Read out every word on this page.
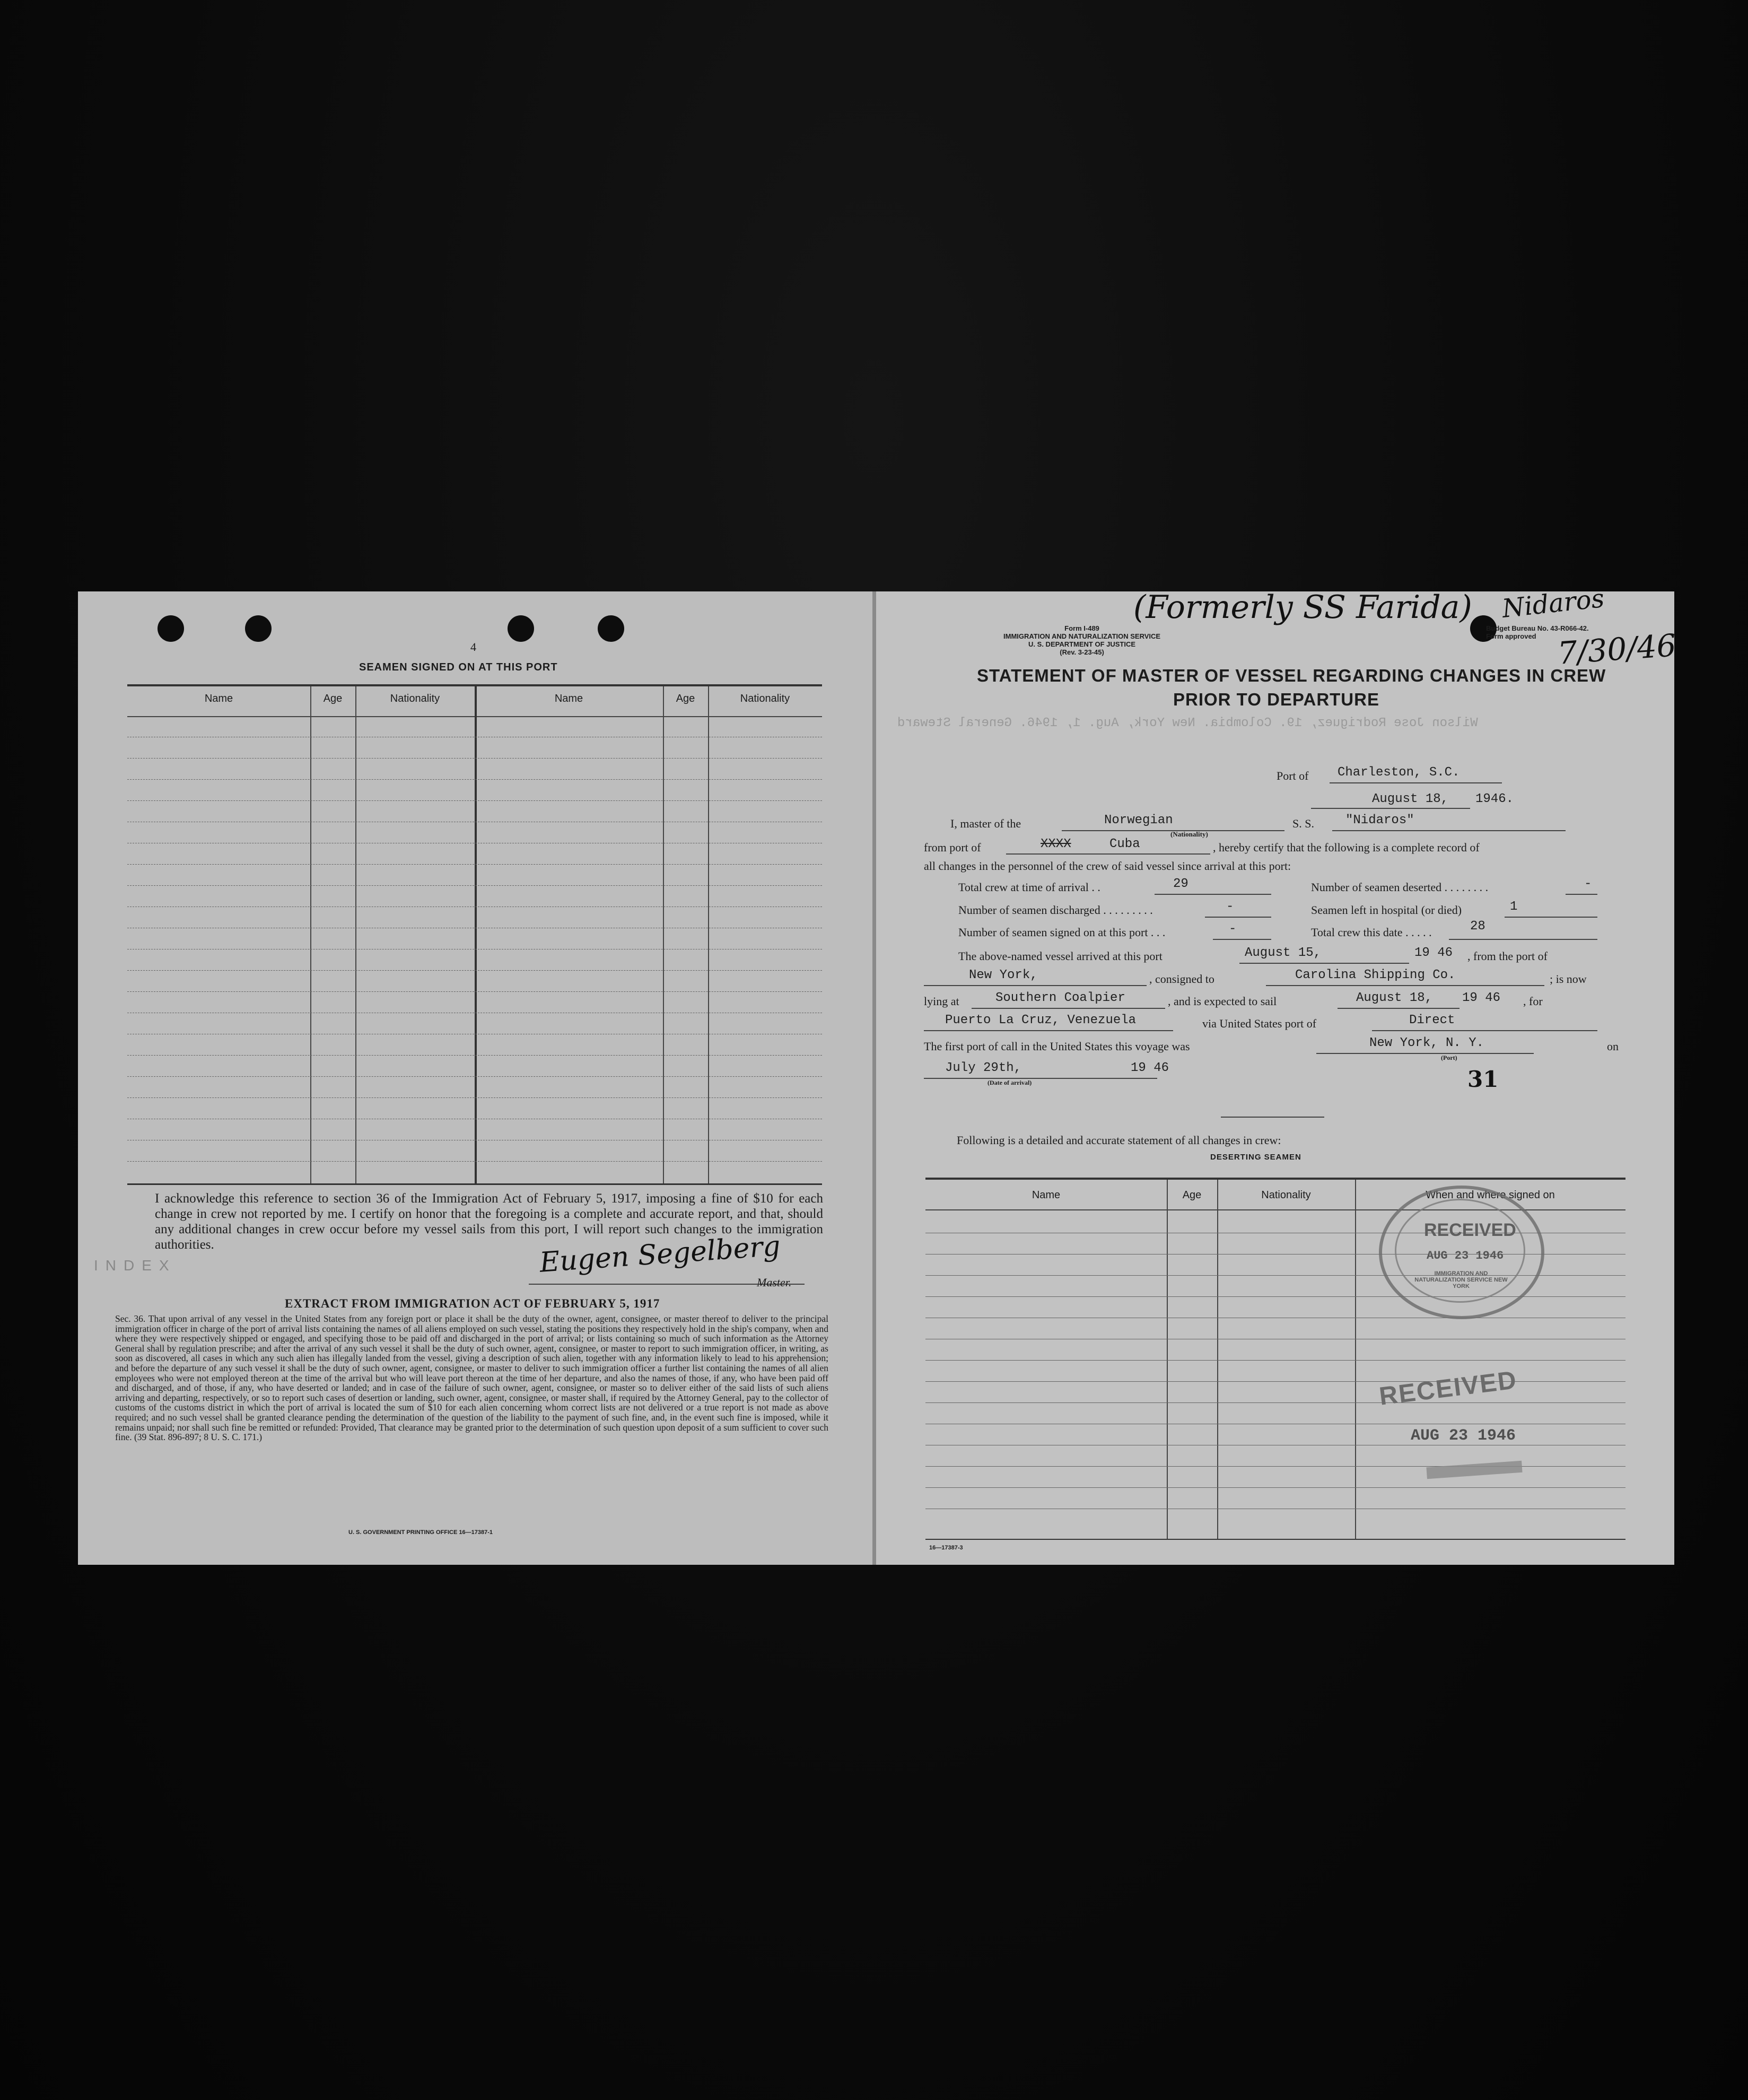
4
SEAMEN SIGNED ON AT THIS PORT
Name	Age	Nationality	Name	Age	Nationality
I acknowledge this reference to section 36 of the Immigration Act of February 5, 1917, imposing a fine of $10 for each change in crew not reported by me. I certify on honor that the foregoing is a complete and accurate report, and that, should any additional changes in crew occur before my vessel sails from this port, I will report such changes to the immigration authorities.
INDEX	Eugen Segelberg
Master.
EXTRACT FROM IMMIGRATION ACT OF FEBRUARY 5, 1917
Sec. 36. That upon arrival of any vessel in the United States from any foreign port or place it shall be the duty of the owner, agent, consignee, or master thereof to deliver to the principal immigration officer in charge of the port of arrival lists containing the names of all aliens employed on such vessel, stating the positions they respectively hold in the ship's company, when and where they were respectively shipped or engaged, and specifying those to be paid off and discharged in the port of arrival; or lists containing so much of such information as the Attorney General shall by regulation prescribe; and after the arrival of any such vessel it shall be the duty of such owner, agent, consignee, or master to report to such immigration officer, in writing, as soon as discovered, all cases in which any such alien has illegally landed from the vessel, giving a description of such alien, together with any information likely to lead to his apprehension; and before the departure of any such vessel it shall be the duty of such owner, agent, consignee, or master to deliver to such immigration officer a further list containing the names of all alien employees who were not employed thereon at the time of the arrival but who will leave port thereon at the time of her departure, and also the names of those, if any, who have been paid off and discharged, and of those, if any, who have deserted or landed; and in case of the failure of such owner, agent, consignee, or master so to deliver either of the said lists of such aliens arriving and departing, respectively, or so to report such cases of desertion or landing, such owner, agent, consignee, or master shall, if required by the Attorney General, pay to the collector of customs of the customs district in which the port of arrival is located the sum of $10 for each alien concerning whom correct lists are not delivered or a true report is not made as above required; and no such vessel shall be granted clearance pending the determination of the question of the liability to the payment of such fine, and, in the event such fine is imposed, while it remains unpaid; nor shall such fine be remitted or refunded: Provided, That clearance may be granted prior to the determination of such question upon deposit of a sum sufficient to cover such fine. (39 Stat. 896-897; 8 U. S. C. 171.)
U. S. GOVERNMENT PRINTING OFFICE 16—17387-1
Form I-489
IMMIGRATION AND NATURALIZATION SERVICE
U. S. DEPARTMENT OF JUSTICE
(Rev. 3-23-45)
(Formerly SS Farida) Nidaros
7/30/46
Budget Bureau No. 43-R066-42.
Form approved
STATEMENT OF MASTER OF VESSEL REGARDING CHANGES IN CREW
PRIOR TO DEPARTURE
Wilson Jose Rodriguez, 19. Colombia. New York, Aug. 1, 1946. General Steward
Port of Charleston, S.C.
August 18, 1946.
I, master of the	Norwegian
(Nationality)
S. S. "Nidaros"
from port of	XXXX	Cuba	, hereby certify that the following is a complete record of
all changes in the personnel of the crew of said vessel since arrival at this port:
Total crew at time of arrival . .	29	Number of seamen deserted . . . . . . . .	-
Number of seamen discharged . . . . . . . . .	-	Seamen left in hospital (or died)	1
Number of seamen signed on at this port . . .	-	Total crew this date . . . . .	28
The above-named vessel arrived at this port	August 15,	19 46 , from the port of
New York,	, consigned to	Carolina Shipping Co.	; is now
lying at	Southern Coalpier	, and is expected to sail	August 18, 19 46 , for
Puerto La Cruz, Venezuela	via United States port of	Direct
The first port of call in the United States this voyage was	New York, N. Y.
(Port)
on
July 29th,	19 46
(Date of arrival)	31
Following is a detailed and accurate statement of all changes in crew:
DESERTING SEAMEN
Name	Age	Nationality	When and where signed on
16—17387-3
RECEIVED
AUG 23 1946
IMMIGRATION AND NATURALIZATION SERVICE NEW YORK
RECEIVED
AUG 23 1946
